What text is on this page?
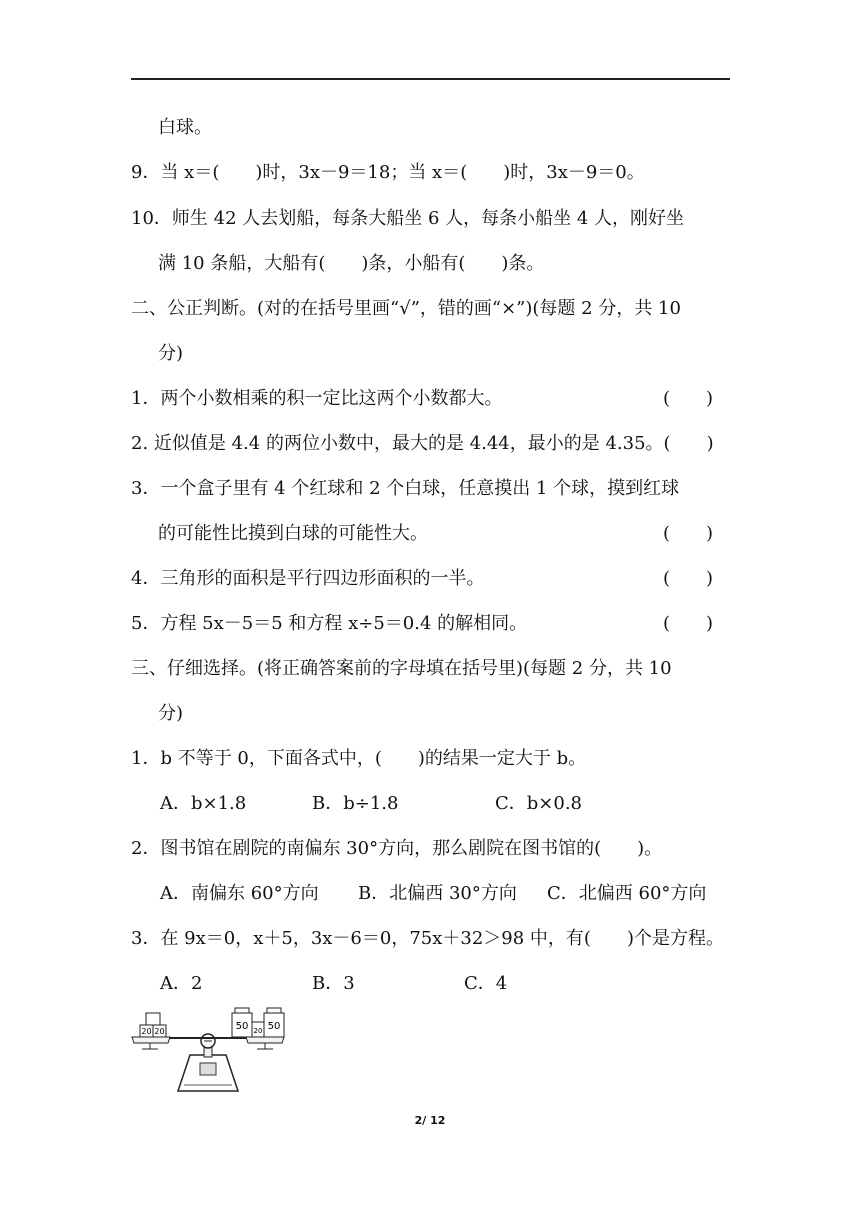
白球。
9．当 x＝(　　)时，3x－9＝18；当 x＝(　　)时，3x－9＝0。
10．师生 42 人去划船，每条大船坐 6 人，每条小船坐 4 人，刚好坐
满 10 条船，大船有(　　)条，小船有(　　)条。
二、公正判断。(对的在括号里画“√”，错的画“×”)(每题 2 分，共 10
分)
1．两个小数相乘的积一定比这两个小数都大。	(　　)
2. 近似值是 4.4 的两位小数中，最大的是 4.44，最小的是 4.35。(　　)
3．一个盒子里有 4 个红球和 2 个白球，任意摸出 1 个球，摸到红球
的可能性比摸到白球的可能性大。	(　　)
4．三角形的面积是平行四边形面积的一半。	(　　)
5．方程 5x－5＝5 和方程 x÷5＝0.4 的解相同。	(　　)
三、仔细选择。(将正确答案前的字母填在括号里)(每题 2 分，共 10
分)
1．b 不等于 0，下面各式中，(　　)的结果一定大于 b。
A．b×1.8	B．b÷1.8	C．b×0.8
2．图书馆在剧院的南偏东 30°方向，那么剧院在图书馆的(　　)。
A．南偏东 60°方向 B．北偏西 30°方向 C．北偏西 60°方向
3．在 9x＝0，x＋5，3x－6＝0，75x＋32＞98 中，有(　　)个是方程。
A．2	B．3	C．4
20 20	50 20 50
2/ 12
